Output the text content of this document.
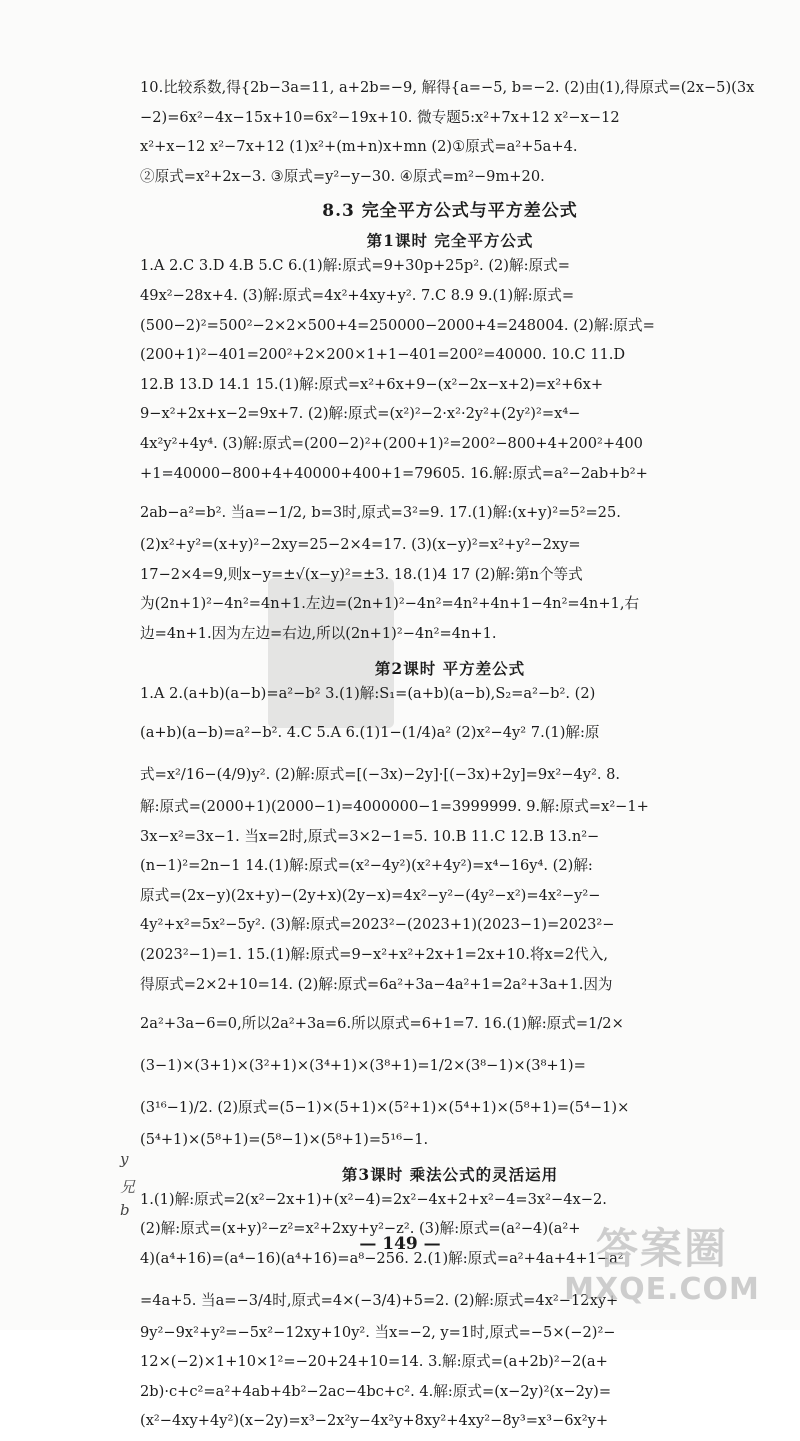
10.比较系数,得{2b−3a=11, a+2b=−9, 解得{a=−5, b=−2. (2)由(1),得原式=(2x−5)(3x
−2)=6x²−4x−15x+10=6x²−19x+10. 微专题5:x²+7x+12 x²−x−12
x²+x−12 x²−7x+12 (1)x²+(m+n)x+mn (2)①原式=a²+5a+4.
②原式=x²+2x−3. ③原式=y²−y−30. ④原式=m²−9m+20.
8.3 完全平方公式与平方差公式
第1课时 完全平方公式
1.A 2.C 3.D 4.B 5.C 6.(1)解:原式=9+30p+25p². (2)解:原式=
49x²−28x+4. (3)解:原式=4x²+4xy+y². 7.C 8.9 9.(1)解:原式=
(500−2)²=500²−2×2×500+4=250000−2000+4=248004. (2)解:原式=
(200+1)²−401=200²+2×200×1+1−401=200²=40000. 10.C 11.D
12.B 13.D 14.1 15.(1)解:原式=x²+6x+9−(x²−2x−x+2)=x²+6x+
9−x²+2x+x−2=9x+7. (2)解:原式=(x²)²−2·x²·2y²+(2y²)²=x⁴−
4x²y²+4y⁴. (3)解:原式=(200−2)²+(200+1)²=200²−800+4+200²+400
+1=40000−800+4+40000+400+1=79605. 16.解:原式=a²−2ab+b²+
2ab−a²=b². 当a=−1/2, b=3时,原式=3²=9. 17.(1)解:(x+y)²=5²=25.
(2)x²+y²=(x+y)²−2xy=25−2×4=17. (3)(x−y)²=x²+y²−2xy=
17−2×4=9,则x−y=±√(x−y)²=±3. 18.(1)4 17 (2)解:第n个等式
为(2n+1)²−4n²=4n+1.左边=(2n+1)²−4n²=4n²+4n+1−4n²=4n+1,右
边=4n+1.因为左边=右边,所以(2n+1)²−4n²=4n+1.
第2课时 平方差公式
1.A 2.(a+b)(a−b)=a²−b² 3.(1)解:S₁=(a+b)(a−b),S₂=a²−b². (2)
(a+b)(a−b)=a²−b². 4.C 5.A 6.(1)1−(1/4)a² (2)x²−4y² 7.(1)解:原
式=x²/16−(4/9)y². (2)解:原式=[(−3x)−2y]·[(−3x)+2y]=9x²−4y². 8.
解:原式=(2000+1)(2000−1)=4000000−1=3999999. 9.解:原式=x²−1+
3x−x²=3x−1. 当x=2时,原式=3×2−1=5. 10.B 11.C 12.B 13.n²−
(n−1)²=2n−1 14.(1)解:原式=(x²−4y²)(x²+4y²)=x⁴−16y⁴. (2)解:
原式=(2x−y)(2x+y)−(2y+x)(2y−x)=4x²−y²−(4y²−x²)=4x²−y²−
4y²+x²=5x²−5y². (3)解:原式=2023²−(2023+1)(2023−1)=2023²−
(2023²−1)=1. 15.(1)解:原式=9−x²+x²+2x+1=2x+10.将x=2代入,
得原式=2×2+10=14. (2)解:原式=6a²+3a−4a²+1=2a²+3a+1.因为
2a²+3a−6=0,所以2a²+3a=6.所以原式=6+1=7. 16.(1)解:原式=1/2×
(3−1)×(3+1)×(3²+1)×(3⁴+1)×(3⁸+1)=1/2×(3⁸−1)×(3⁸+1)=
(3¹⁶−1)/2. (2)原式=(5−1)×(5+1)×(5²+1)×(5⁴+1)×(5⁸+1)=(5⁴−1)×
(5⁴+1)×(5⁸+1)=(5⁸−1)×(5⁸+1)=5¹⁶−1.
第3课时 乘法公式的灵活运用
1.(1)解:原式=2(x²−2x+1)+(x²−4)=2x²−4x+2+x²−4=3x²−4x−2.
(2)解:原式=(x+y)²−z²=x²+2xy+y²−z². (3)解:原式=(a²−4)(a²+
4)(a⁴+16)=(a⁴−16)(a⁴+16)=a⁸−256. 2.(1)解:原式=a²+4a+4+1−a²
=4a+5. 当a=−3/4时,原式=4×(−3/4)+5=2. (2)解:原式=4x²−12xy+
9y²−9x²+y²=−5x²−12xy+10y². 当x=−2, y=1时,原式=−5×(−2)²−
12×(−2)×1+10×1²=−20+24+10=14. 3.解:原式=(a+2b)²−2(a+
2b)·c+c²=a²+4ab+4b²−2ac−4bc+c². 4.解:原式=(x−2y)²(x−2y)=
(x²−4xy+4y²)(x−2y)=x³−2x²y−4x²y+8xy²+4xy²−8y³=x³−6x²y+
y
兄
b
— 149 —	答案圈
MXQE.COM
